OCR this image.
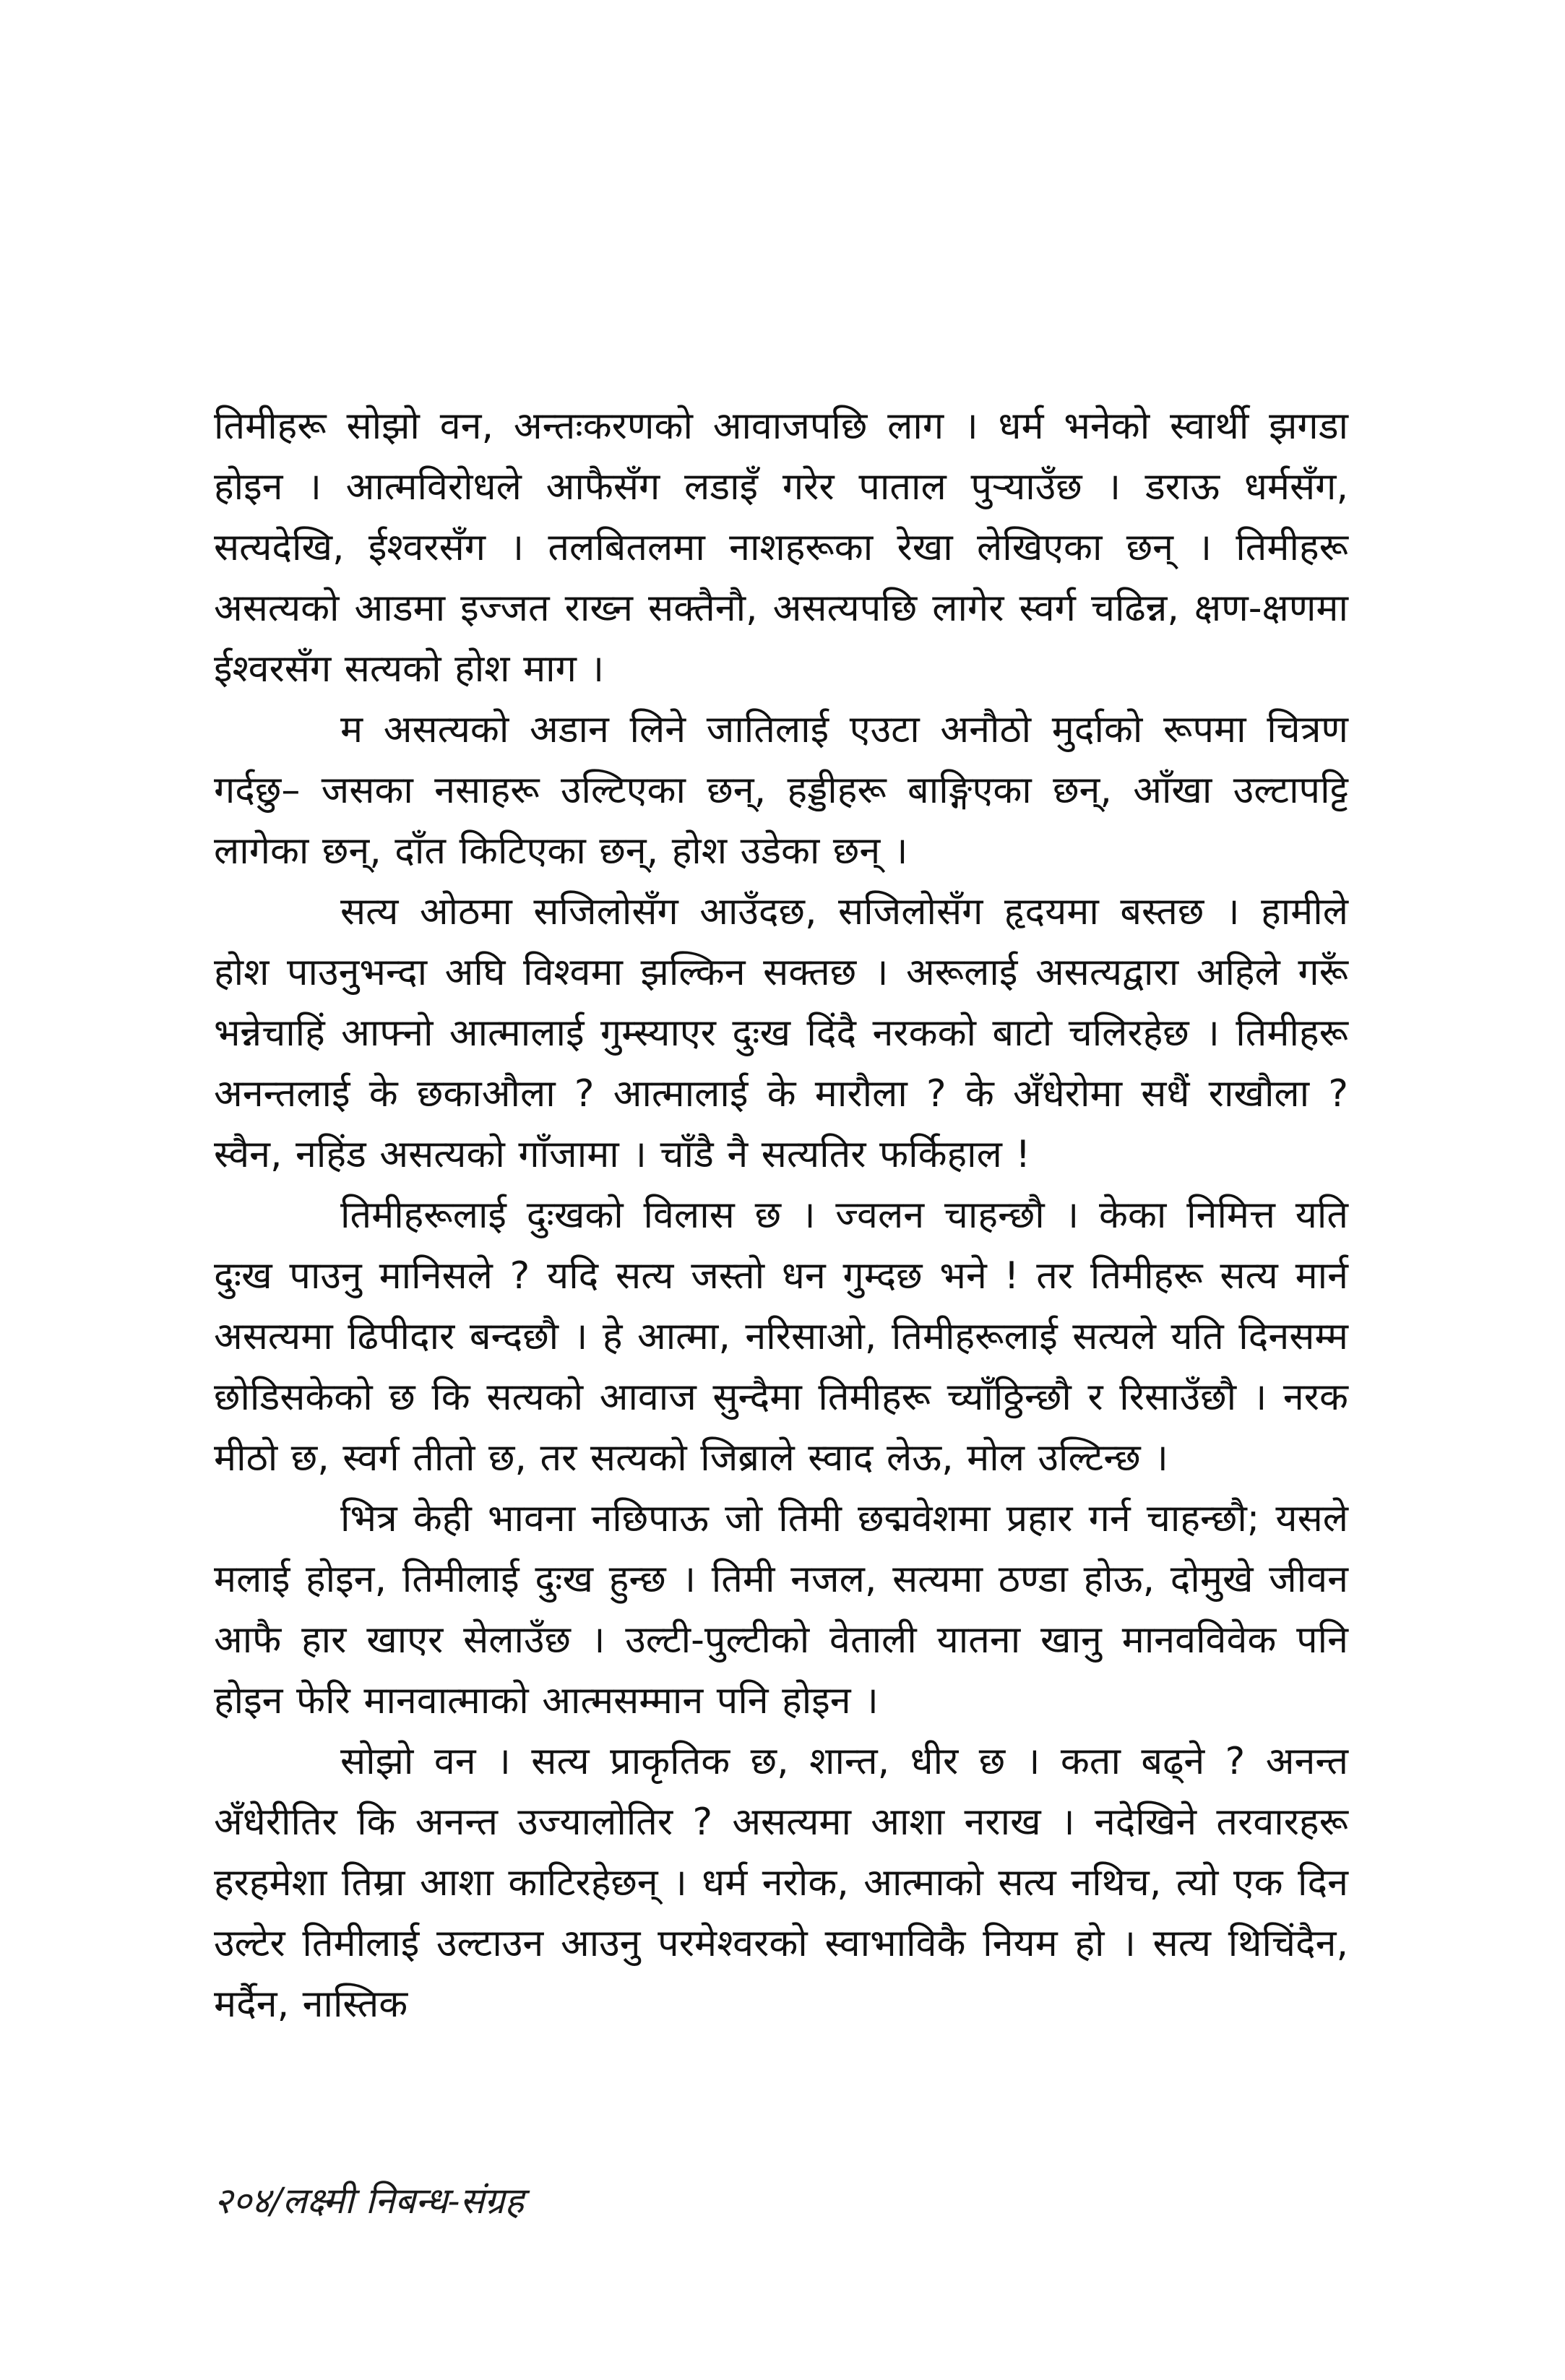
तिमीहरू सोझो वन, अन्तःकरणको आवाजपछि लाग । धर्म भनेको स्वार्थी झगडा होइन । आत्मविरोधले आफैसँग लडाइँ गरेर पाताल पुऱ्याउँछ । डराऊ धर्मसँग, सत्यदेखि, ईश्वरसँग । तलबितलमा नाशहरूका रेखा लेखिएका छन् । तिमीहरू असत्यको आडमा इज्जत राख्न सक्तैनौ, असत्यपछि लागेर स्वर्ग चढिन्न, क्षण-क्षणमा ईश्वरसँग सत्यको होश माग ।

म असत्यको अडान लिने जातिलाई एउटा अनौठो मुर्दाको रूपमा चित्रण गर्दछु– जसका नसाहरू उल्टिएका छन्, हड्डीहरू बाङ्गिएका छन्, आँखा उल्टापट्टि लागेका छन्, दाँत किटिएका छन्, होश उडेका छन् ।

सत्य ओठमा सजिलोसँग आउँदछ, सजिलोसँग हृदयमा बस्तछ । हामीले होश पाउनुभन्दा अघि विश्वमा झल्किन सक्तछ । अरूलाई असत्यद्वारा अहिले गरूँ भन्नेचाहिं आफ्नो आत्मालाई गुम्स्याएर दुःख दिंदै नरकको बाटो चलिरहेछ । तिमीहरू अनन्तलाई के छकाऔला ? आत्मालाई के मारौला ? के अँधेरोमा सधैं राखौला ? स्वैन, नहिंड असत्यको गाँजामा । चाँडै नै सत्यतिर फर्किहाल !

तिमीहरूलाई दुःखको विलास छ । ज्वलन चाहन्छौ । केका निमित्त यति दुःख पाउनु मानिसले ? यदि सत्य जस्तो धन गुम्दछ भने ! तर तिमीहरू सत्य मार्न असत्यमा ढिपीदार बन्दछौ । हे आत्मा, नरिसाओ, तिमीहरूलाई सत्यले यति दिनसम्म छोडिसकेको छ कि सत्यको आवाज सुन्दैमा तिमीहरू च्याँठ्ठिन्छौ र रिसाउँछौ । नरक मीठो छ, स्वर्ग तीतो छ, तर सत्यको जिब्राले स्वाद लेऊ, मोल उल्टिन्छ ।

भित्र केही भावना नछिपाऊ जो तिमी छद्मवेशमा प्रहार गर्न चाहन्छौ; यसले मलाई होइन, तिमीलाई दुःख हुन्छ । तिमी नजल, सत्यमा ठण्डा होऊ, दोमुखे जीवन आफै हार खाएर सेलाउँछ । उल्टी-पुल्टीको वेताली यातना खानु मानवविवेक पनि होइन फेरि मानवात्माको आत्मसम्मान पनि होइन ।

सोझो वन । सत्य प्राकृतिक छ, शान्त, धीर छ । कता बढ्ने ? अनन्त अँधेरीतिर कि अनन्त उज्यालोतिर ? असत्यमा आशा नराख । नदेखिने तरवारहरू हरहमेशा तिम्रा आशा काटिरहेछन् । धर्म नरोक, आत्माको सत्य नथिच, त्यो एक दिन उल्टेर तिमीलाई उल्टाउन आउनु परमेश्वरको स्वाभाविकै नियम हो । सत्य थिचिंदैन, मर्दैन, नास्तिक

२०४/लक्ष्मी निबन्ध-संग्रह
